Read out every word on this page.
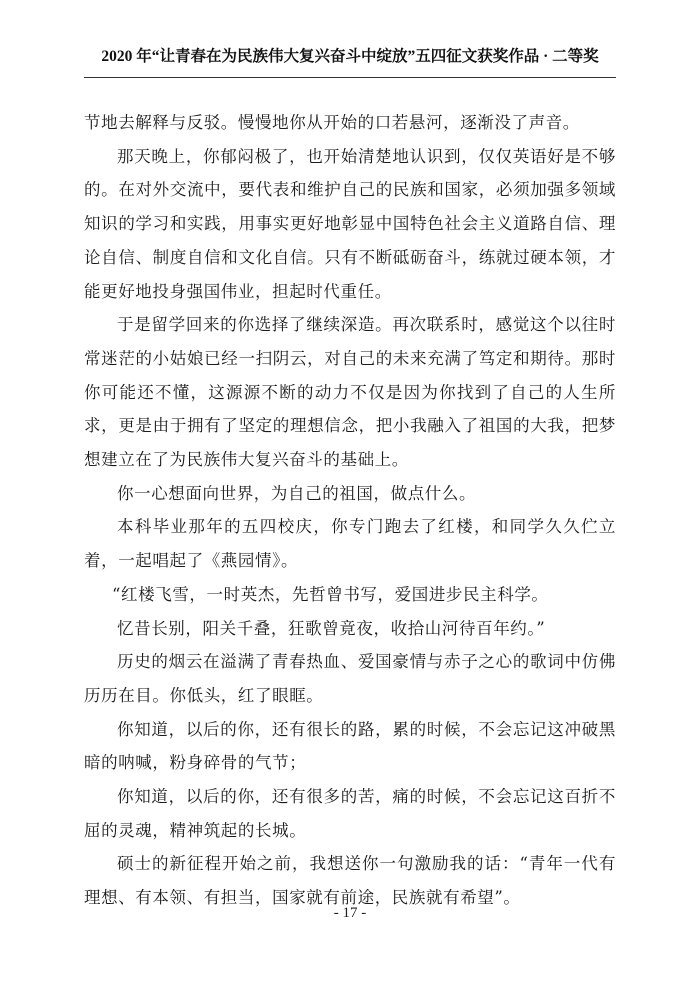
2020 年“让青春在为民族伟大复兴奋斗中绽放”五四征文获奖作品 · 二等奖

节地去解释与反驳。慢慢地你从开始的口若悬河，逐渐没了声音。

那天晚上，你郁闷极了，也开始清楚地认识到，仅仅英语好是不够的。在对外交流中，要代表和维护自己的民族和国家，必须加强多领域知识的学习和实践，用事实更好地彰显中国特色社会主义道路自信、理论自信、制度自信和文化自信。只有不断砥砺奋斗，练就过硬本领，才能更好地投身强国伟业，担起时代重任。

于是留学回来的你选择了继续深造。再次联系时，感觉这个以往时常迷茫的小姑娘已经一扫阴云，对自己的未来充满了笃定和期待。那时你可能还不懂，这源源不断的动力不仅是因为你找到了自己的人生所求，更是由于拥有了坚定的理想信念，把小我融入了祖国的大我，把梦想建立在了为民族伟大复兴奋斗的基础上。

你一心想面向世界，为自己的祖国，做点什么。

本科毕业那年的五四校庆，你专门跑去了红楼，和同学久久伫立着，一起唱起了《燕园情》。

“红楼飞雪，一时英杰，先哲曾书写，爱国进步民主科学。

忆昔长别，阳关千叠，狂歌曾竟夜，收拾山河待百年约。”

历史的烟云在溢满了青春热血、爱国豪情与赤子之心的歌词中仿佛历历在目。你低头，红了眼眶。

你知道，以后的你，还有很长的路，累的时候，不会忘记这冲破黑暗的呐喊，粉身碎骨的气节；

你知道，以后的你，还有很多的苦，痛的时候，不会忘记这百折不屈的灵魂，精神筑起的长城。

硕士的新征程开始之前，我想送你一句激励我的话：“青年一代有理想、有本领、有担当，国家就有前途，民族就有希望”。

- 17 -
